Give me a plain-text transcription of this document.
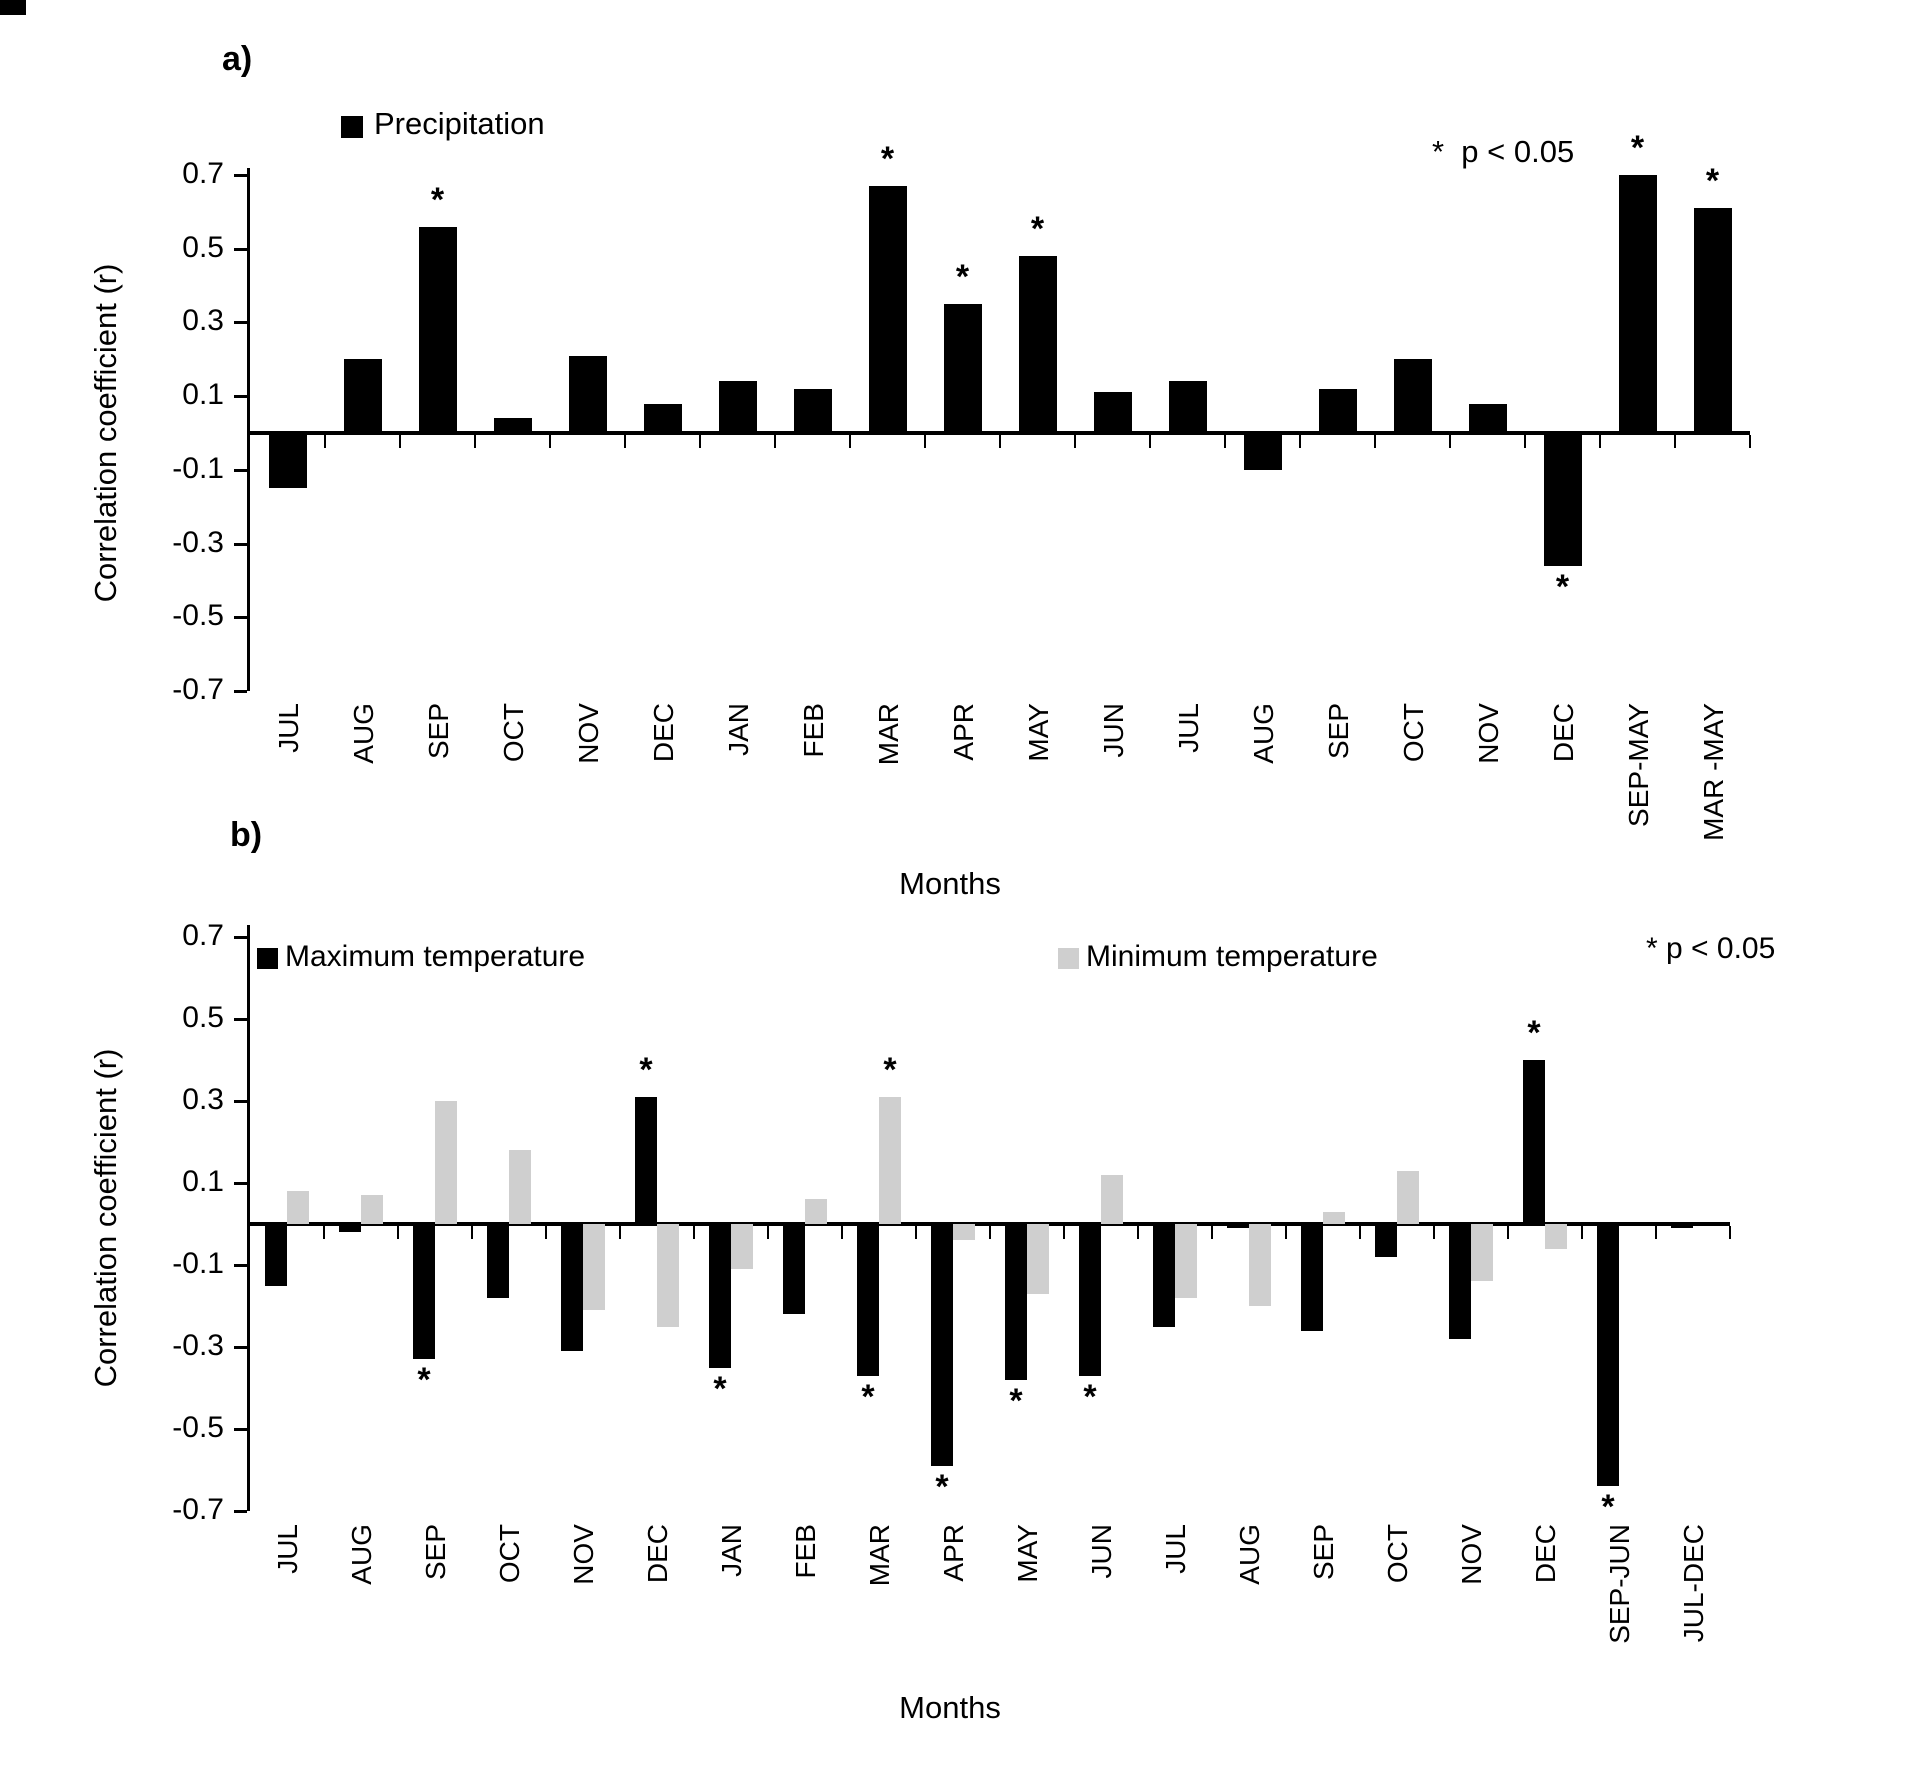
a)
Precipitation
*  p < 0.05
Correlation coefficient (r)
Months
b)
Maximum temperature	Minimum temperature	* p < 0.05
Correlation coefficient (r)
Months
0.7
0.5
0.3
0.1
-0.1
-0.3
-0.5
-0.7
*
*
*
*
*
*
*
JUL AUG SEP OCT NOV DEC JAN FEB MAR APR MAY JUN JUL AUG SEP OCT NOV DEC SEP-MAY MAR -MAY
0.7
0.5
0.3
0.1
-0.1
-0.3
-0.5
-0.7
*
*
*	*
*
* *
*
*
*
JUL AUG SEP OCT NOV DEC JAN FEB MAR APR MAY JUN JUL AUG SEP OCT NOV DEC SEP-JUN JUL-DEC
